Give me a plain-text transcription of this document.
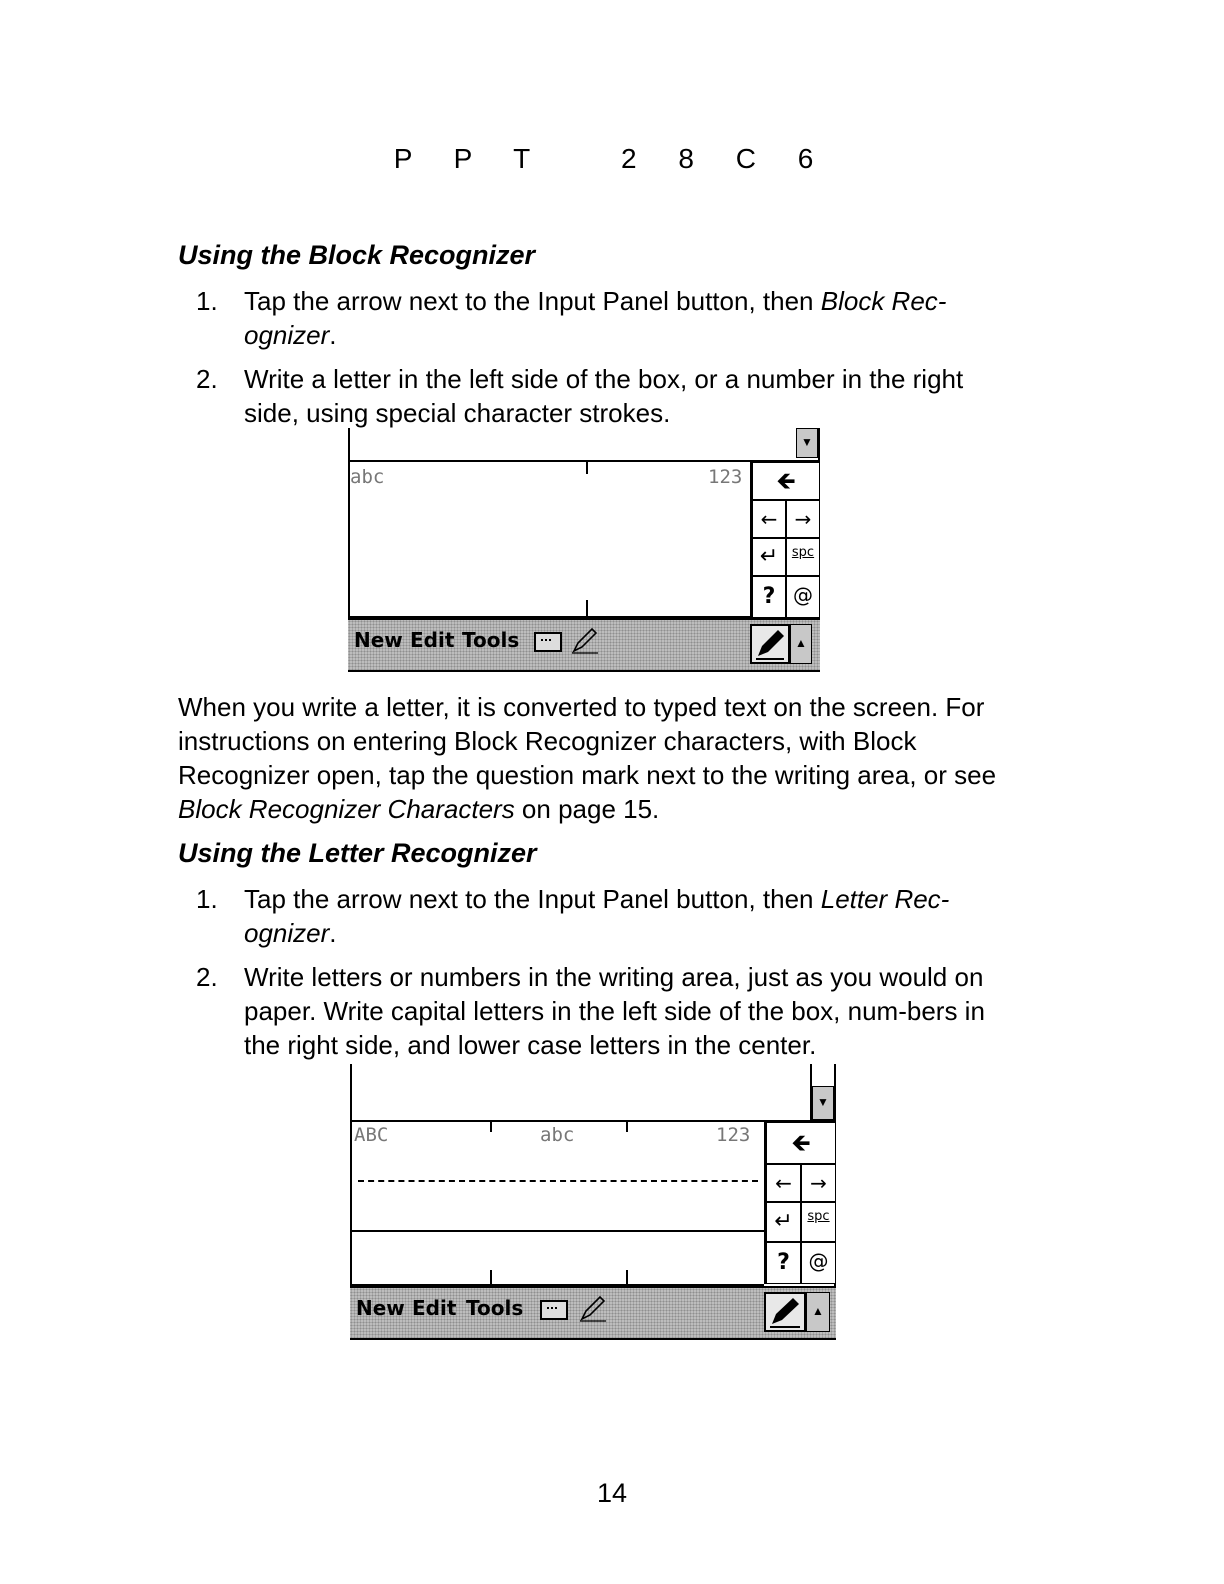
P P T   2 8 C 6
Using the Block Recognizer
1. Tap the arrow next to the Input Panel button, then Block Rec-ognizer.
2. Write a letter in the left side of the box, or a number in the right side, using special character strokes.
▼
abc	123	🡸
← →
↵	spc
? @
New Edit Tools	▲
When you write a letter, it is converted to typed text on the screen. For instructions on entering Block Recognizer characters, with Block Recognizer open, tap the question mark next to the writing area, or see Block Recognizer Characters on page 15.
Using the Letter Recognizer
1. Tap the arrow next to the Input Panel button, then Letter Rec-ognizer.
2. Write letters or numbers in the writing area, just as you would on paper. Write capital letters in the left side of the box, num-bers in the right side, and lower case letters in the center.
▼
ABC	abc	123	🡸
← →
↵	spc
? @
New Edit Tools	▲
14
